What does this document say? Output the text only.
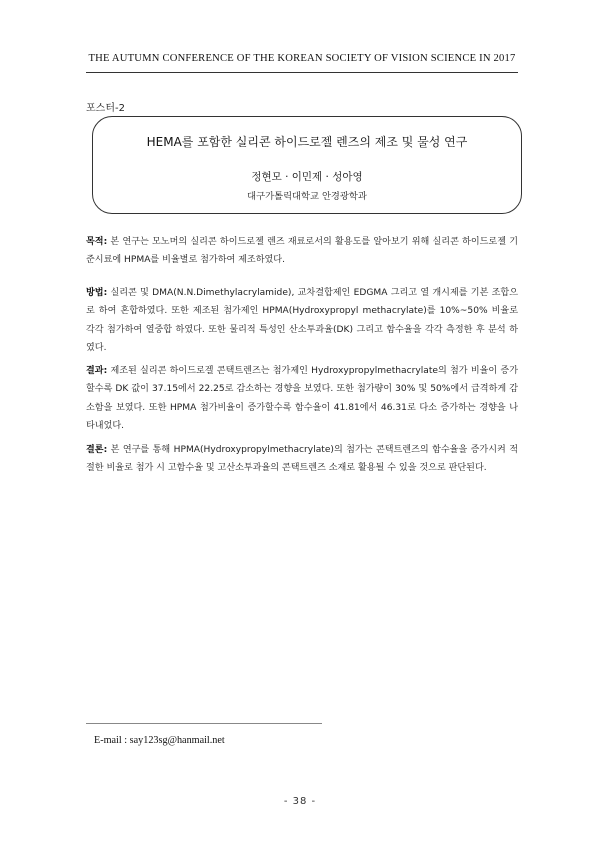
THE AUTUMN CONFERENCE OF THE KOREAN SOCIETY OF VISION SCIENCE IN 2017
포스터-2
HEMA를 포함한 실리콘 하이드로젤 렌즈의 제조 및 물성 연구
정현모 · 이민제 · 성아영
대구가톨릭대학교 안경광학과
목적: 본 연구는 모노머의 실리콘 하이드로젤 렌즈 재료로서의 활용도를 알아보기 위해 실리콘 하이드로젤 기준시료에 HPMA를 비율별로 첨가하여 제조하였다.
방법: 실리콘 및 DMA(N.N.Dimethylacrylamide), 교차결합제인 EDGMA 그리고 열 개시제를 기본 조합으로 하여 혼합하였다. 또한 제조된 첨가제인 HPMA(Hydroxypropyl methacrylate)를 10%~50% 비율로 각각 첨가하여 열중합 하였다. 또한 물리적 특성인 산소투과율(DK) 그리고 함수율을 각각 측정한 후 분석 하였다.
결과: 제조된 실리콘 하이드로겔 콘택트렌즈는 첨가제인 Hydroxypropylmethacrylate의 첨가 비율이 증가할수록 DK 값이 37.15에서 22.25로 감소하는 경향을 보였다. 또한 첨가량이 30% 및 50%에서 급격하게 감소함을 보였다. 또한 HPMA 첨가비율이 증가할수록 함수율이 41.81에서 46.31로 다소 증가하는 경향을 나타내었다.
결론: 본 연구를 통해 HPMA(Hydroxypropylmethacrylate)의 첨가는 콘택트렌즈의 함수율을 증가시켜 적절한 비율로 첨가 시 고함수율 및 고산소투과율의 콘택트렌즈 소재로 활용될 수 있을 것으로 판단된다.
E-mail : say123sg@hanmail.net
- 38 -
